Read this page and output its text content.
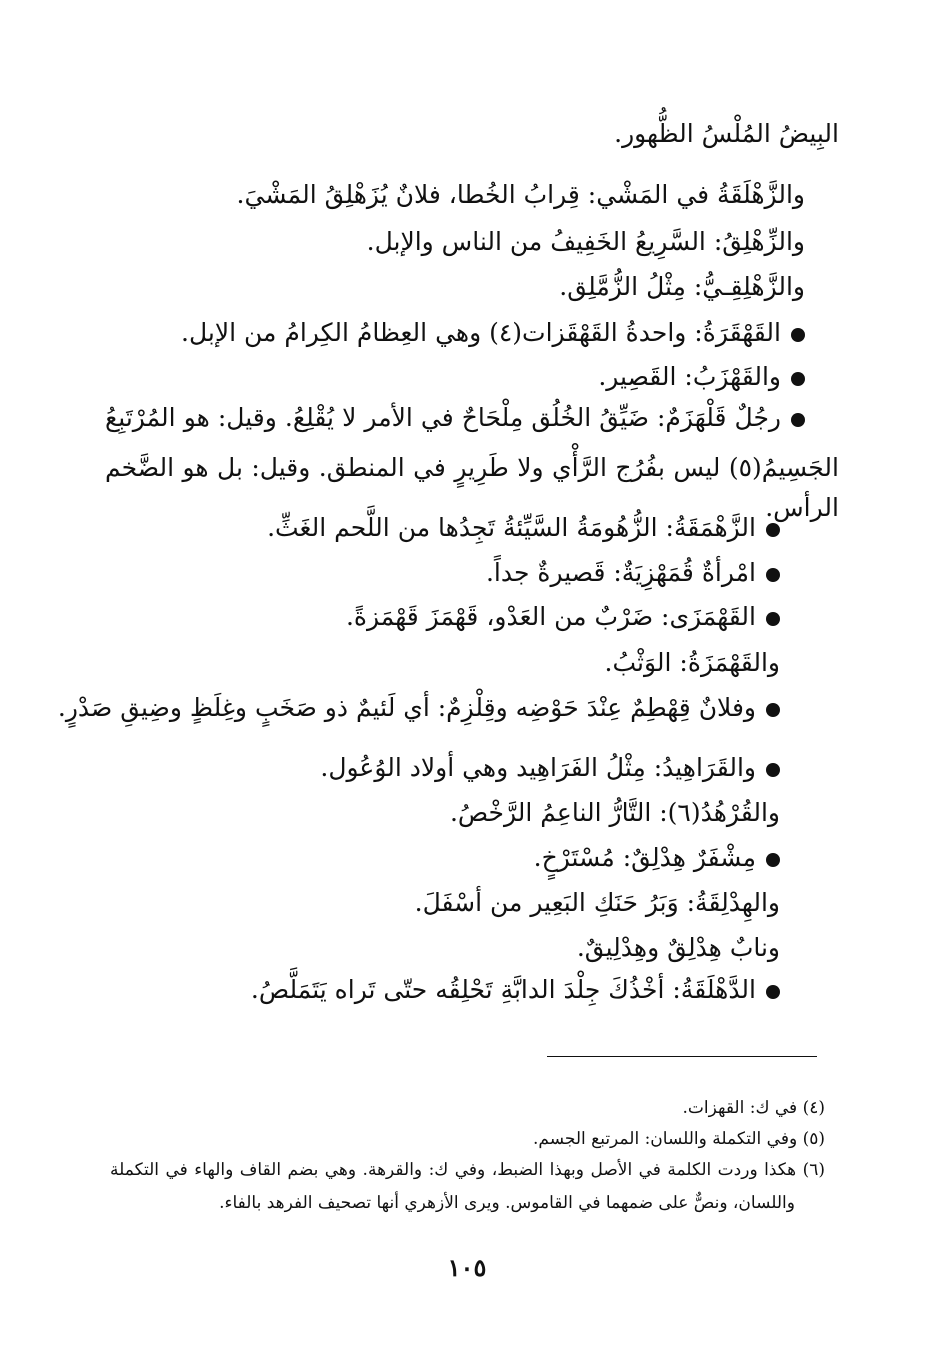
البِيضُ المُلْسُ الظُّهور.
والزَّهْلَقَةُ في المَشْي: قِرابُ الخُطا، فلانٌ يُزَهْلِقُ المَشْيَ.
والزِّهْلِقُ: السَّرِيعُ الخَفِيفُ من الناس والإبل.
والزَّهْلِقِـيُّ: مِثْلُ الزُّمَّلِق.
القَهْقَرَةُ: واحدةُ القَهْقَزات(٤) وهي العِظامُ الكِرامُ من الإبل.
والقَهْزَبُ: القَصِير.
رجُلٌ قَلْهَزَمٌ: ضَيِّقُ الخُلُق مِلْحَاحٌ في الأمر لا يُقْلِعُ. وقيل: هو المُرْتَبِعُ
الجَسِيمُ(٥) ليس بفُرُج الرَّأْي ولا طَرِيرٍ في المنطق. وقيل: بل هو الضَّخم الرأس.
الزَّهْمَقَةُ: الزُّهُومَةُ السَّيِّئةُ تَجِدُها من اللَّحم الغَثِّ.
امْرأةٌ قُمَهْزِيَةٌ: قَصيرةٌ جداً.
القَهْمَزَى: ضَرْبٌ من العَدْو، قَهْمَزَ قَهْمَزةً.
والقَهْمَزَةُ: الوَثْبُ.
وفلانٌ قِهْطِمٌ عِنْدَ حَوْضِه وقِلْزِمٌ: أي لَئيمٌ ذو صَخَبٍ وغِلَظٍ وضِيقِ صَدْرٍ.
والقَرَاهِيدُ: مِثْلُ الفَرَاهِيد وهي أولاد الوُعُول.
والقُرْهُدُ(٦): التَّارُّ الناعِمُ الرَّخْصُ.
مِشْفَرٌ هِدْلِقٌ: مُسْتَرْخٍ.
والهِدْلِقَةُ: وَبَرُ حَنَكِ البَعِير من أسْفَلَ.
ونابٌ هِدْلِقٌ وهِدْلِيقٌ.
الدَّهْلَقَةُ: أخْذُكَ جِلْدَ الدابَّةِ تَحْلِقُه حتّى تَراه يَتَمَلَّصُ.
(٤) في ك: القهزات.
(٥) وفي التكملة واللسان: المرتبع الجسم.
(٦) هكذا وردت الكلمة في الأصل وبهذا الضبط، وفي ك: والقرهة. وهي بضم القاف والهاء في التكملة
واللسان، ونصٌّ على ضمهما في القاموس. ويرى الأزهري أنها تصحيف الفرهد بالفاء.
١٠٥
